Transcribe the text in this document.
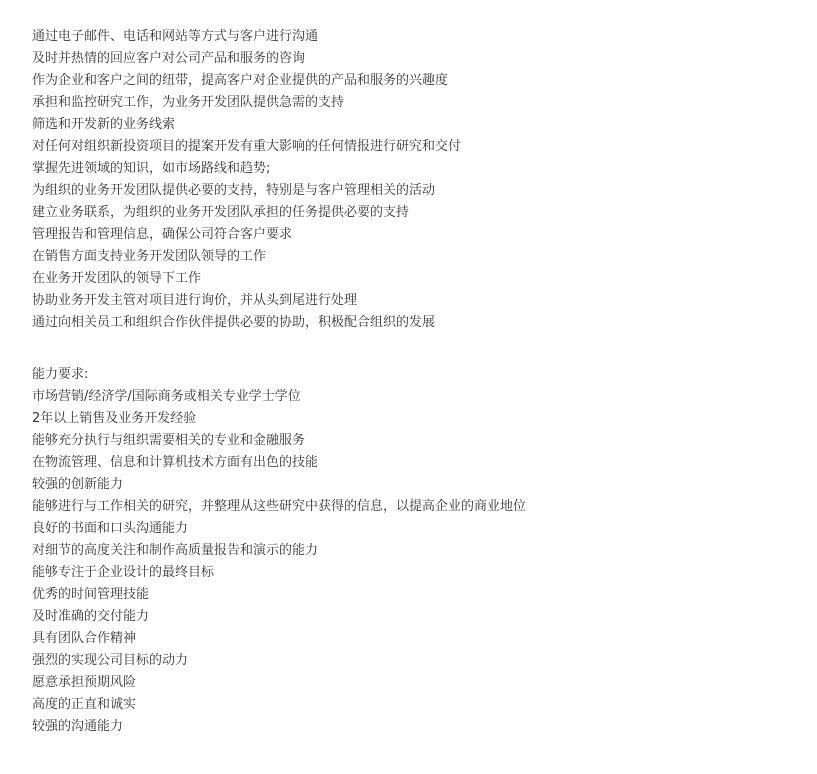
通过电子邮件、电话和网站等方式与客户进行沟通
及时并热情的回应客户对公司产品和服务的咨询
作为企业和客户之间的纽带，提高客户对企业提供的产品和服务的兴趣度
承担和监控研究工作，为业务开发团队提供急需的支持
筛选和开发新的业务线索
对任何对组织新投资项目的提案开发有重大影响的任何情报进行研究和交付
掌握先进领域的知识，如市场路线和趋势;
为组织的业务开发团队提供必要的支持，特别是与客户管理相关的活动
建立业务联系，为组织的业务开发团队承担的任务提供必要的支持
管理报告和管理信息，确保公司符合客户要求
在销售方面支持业务开发团队领导的工作
在业务开发团队的领导下工作
协助业务开发主管对项目进行询价，并从头到尾进行处理
通过向相关员工和组织合作伙伴提供必要的协助，积极配合组织的发展
能力要求:
市场营销/经济学/国际商务或相关专业学士学位
2年以上销售及业务开发经验
能够充分执行与组织需要相关的专业和金融服务
在物流管理、信息和计算机技术方面有出色的技能
较强的创新能力
能够进行与工作相关的研究，并整理从这些研究中获得的信息，以提高企业的商业地位
良好的书面和口头沟通能力
对细节的高度关注和制作高质量报告和演示的能力
能够专注于企业设计的最终目标
优秀的时间管理技能
及时准确的交付能力
具有团队合作精神
强烈的实现公司目标的动力
愿意承担预期风险
高度的正直和诚实
较强的沟通能力
